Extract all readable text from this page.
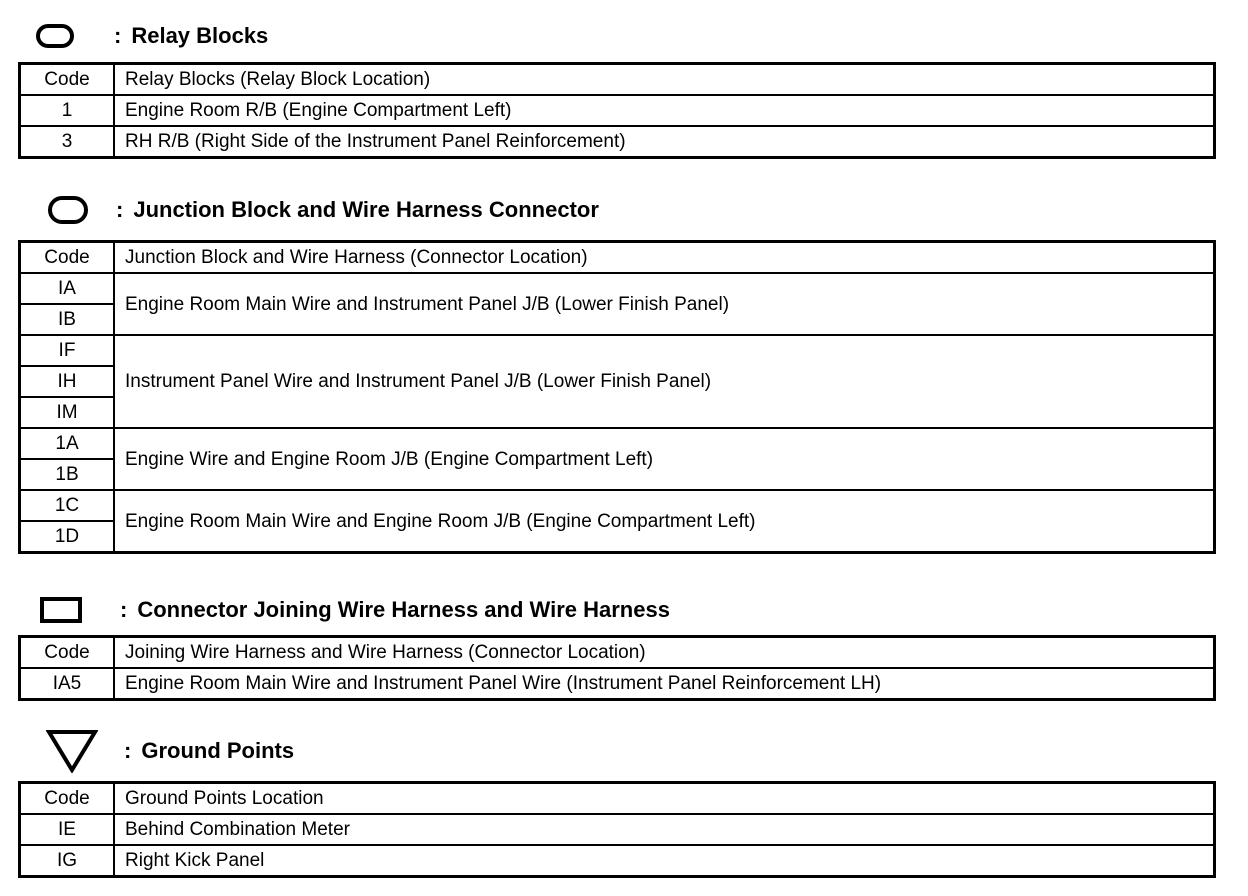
: Relay Blocks
Code	Relay Blocks (Relay Block Location)
1	Engine Room R/B (Engine Compartment Left)
3	RH R/B (Right Side of the Instrument Panel Reinforcement)
: Junction Block and Wire Harness Connector
Code	Junction Block and Wire Harness (Connector Location)
IA	Engine Room Main Wire and Instrument Panel J/B (Lower Finish Panel)
IB	
IF	Instrument Panel Wire and Instrument Panel J/B (Lower Finish Panel)
IH	
IM	
1A	Engine Wire and Engine Room J/B (Engine Compartment Left)
1B	
1C	Engine Room Main Wire and Engine Room J/B (Engine Compartment Left)
1D	
: Connector Joining Wire Harness and Wire Harness
Code	Joining Wire Harness and Wire Harness (Connector Location)
IA5	Engine Room Main Wire and Instrument Panel Wire (Instrument Panel Reinforcement LH)
: Ground Points
Code	Ground Points Location
IE	Behind Combination Meter
IG	Right Kick Panel
